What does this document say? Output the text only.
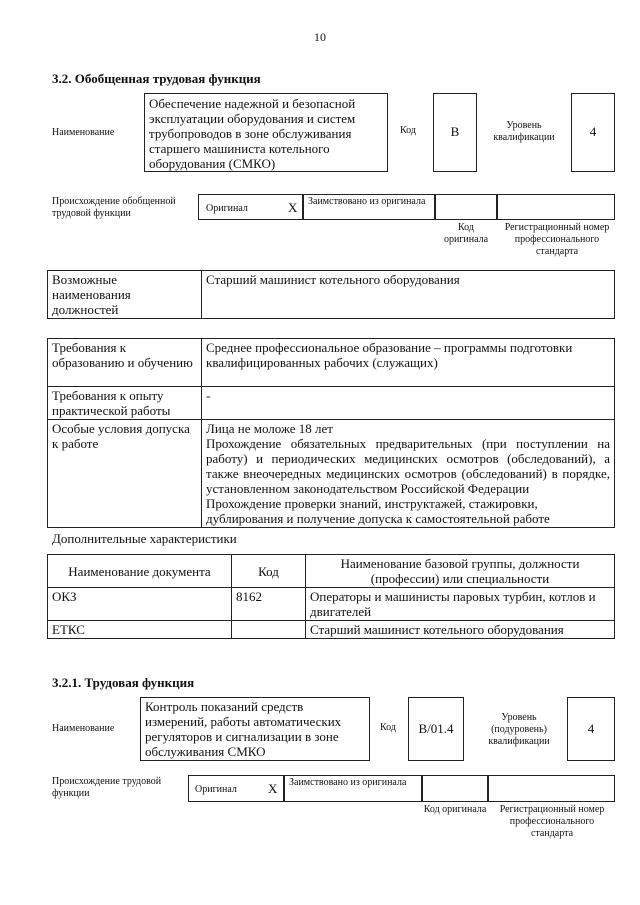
10
3.2. Обобщенная трудовая функция
Наименование
Обеспечение надежной и безопасной эксплуатации оборудования и систем трубопроводов в зоне обслуживания старшего машиниста котельного оборудования (СМКО)
Код	B	Уровень квалификации	4
Происхождение обобщенной трудовой функции	Оригинал	X	Заимствовано из оригинала
Код оригинала
Регистрационный номер профессионального стандарта
Возможные наименования должностей	Старший машинист котельного оборудования
Требования к образованию и обучению	Среднее профессиональное образование – программы подготовки квалифицированных рабочих (служащих)
Требования к опыту практической работы	-
Особые условия допуска к работе	Лица не моложе 18 лет
Прохождение обязательных предварительных (при поступлении на работу) и периодических медицинских осмотров (обследований), а также внеочередных медицинских осмотров (обследований) в порядке, установленном законодательством Российской Федерации
Прохождение проверки знаний, инструктажей, стажировки, дублирования и получение допуска к самостоятельной работе
Дополнительные характеристики
Наименование документа	Код	Наименование базовой группы, должности (профессии) или специальности
ОКЗ	8162	Операторы и машинисты паровых турбин, котлов и двигателей
ЕТКС		Старший машинист котельного оборудования
3.2.1. Трудовая функция
Наименование
Контроль показаний средств измерений, работы автоматических регуляторов и сигнализации в зоне обслуживания СМКО
Код	B/01.4
Уровень (подуровень) квалификации
4
Происхождение трудовой функции	Оригинал X	Заимствовано из оригинала
Код оригинала	Регистрационный номер профессионального стандарта
